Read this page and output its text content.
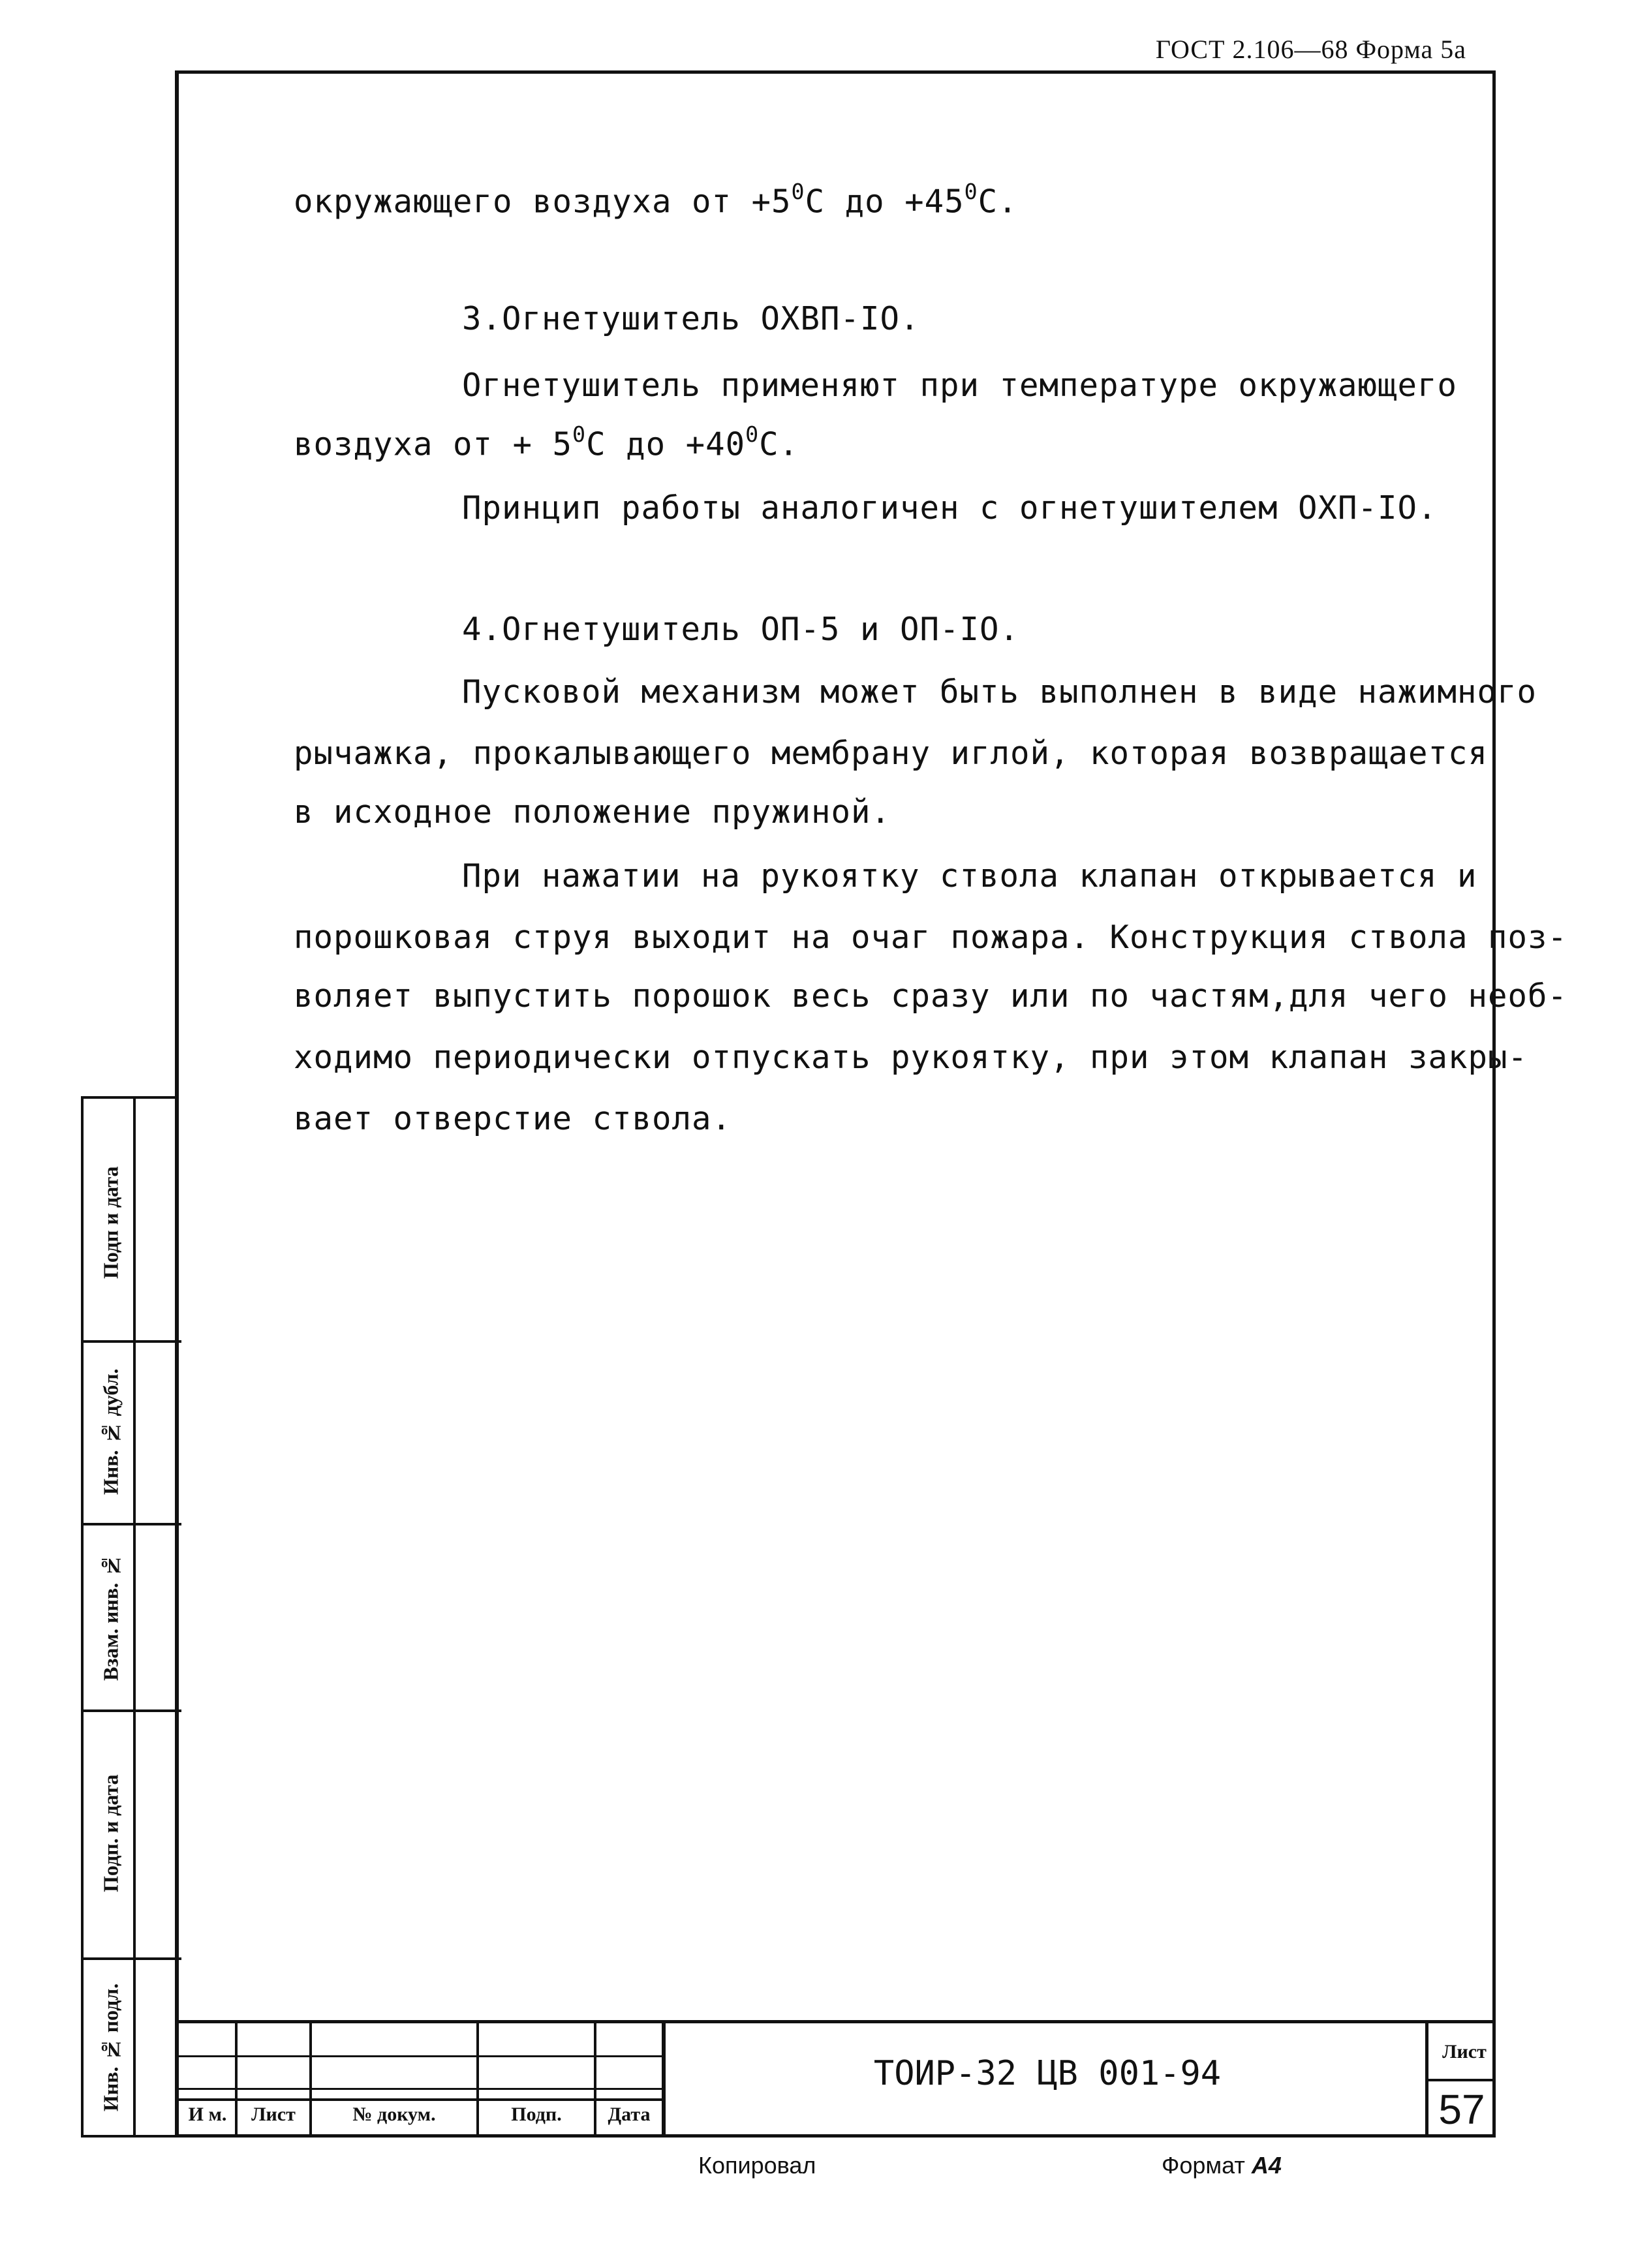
ГОСТ 2.106—68 Форма 5а
окружающего воздуха от $+5^0С$ до $+45^0С$.
3.Огнетушитель ОХВП-IO.
Огнетушитель применяют при температуре окружающего
воздуха от + $5^0С$ до $+40^0С$.
Принцип работы аналогичен с огнетушителем ОХП-IO.
4.Огнетушитель ОП-5 и ОП-IO.
Пусковой механизм может быть выполнен в виде нажимного
рычажка, прокалывающего мембрану иглой, которая возвращается
в исходное положение пружиной.
При нажатии на рукоятку ствола клапан открывается и
порошковая струя выходит на очаг пожара. Конструкция ствола поз-
воляет выпустить порошок весь сразу или по частям,для чего необ-
ходимо периодически отпускать рукоятку, при этом клапан закры-
вает отверстие ствола.
Подп и дата
Инв. № дубл.
Взам. инв. №
Подп. и дата
Инв. № подл.
И м.	Лист	№ докум.	Подп.	Дата
ТОИР-32 ЦВ 001-94
Лист
57
Копировал	Формат А4
